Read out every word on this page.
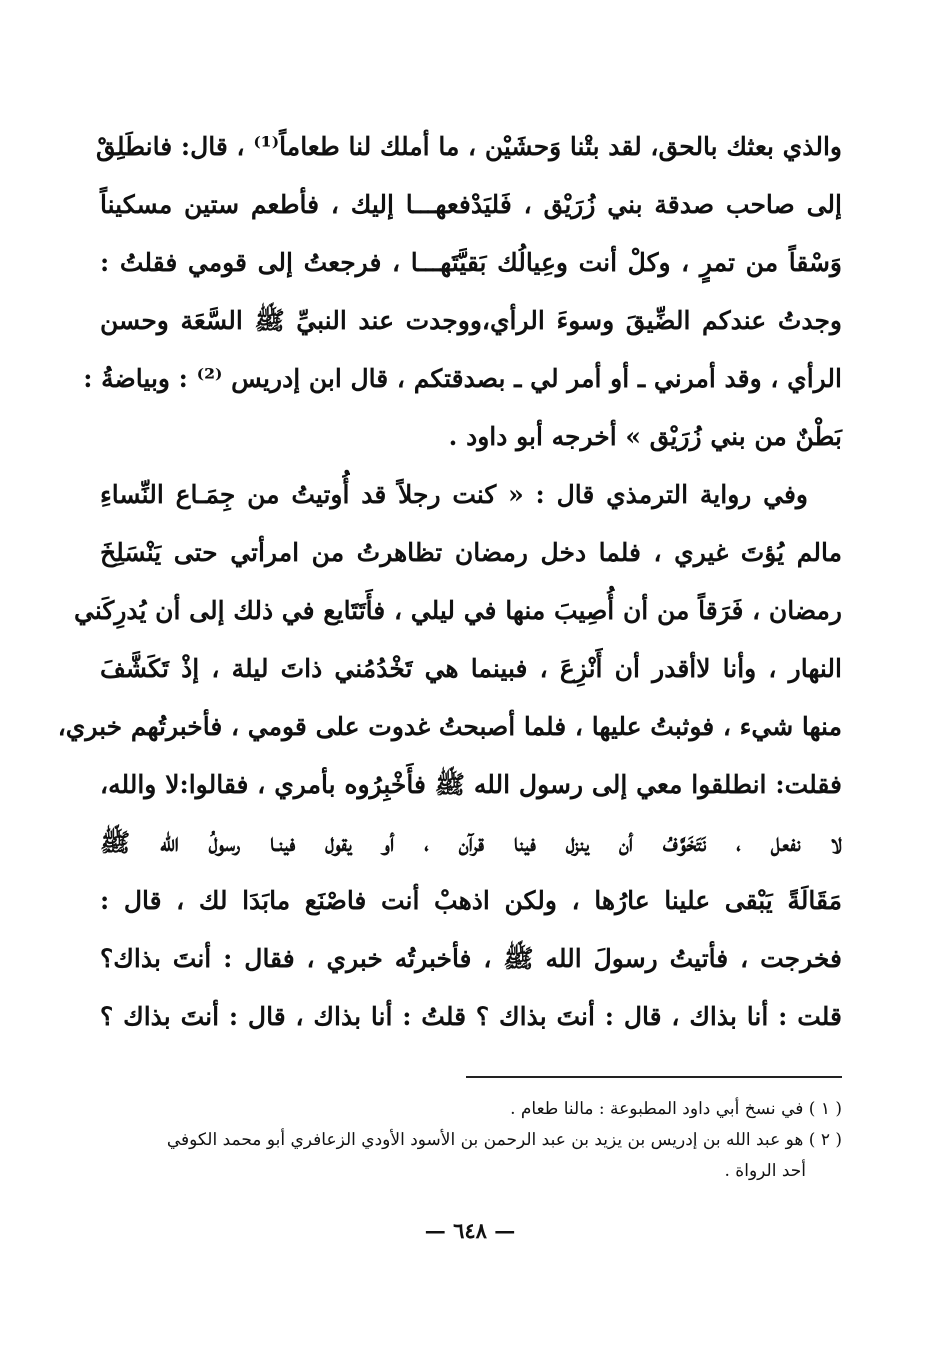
والذي بعثك بالحق، لقد بتْنا وَحشَيْن ، ما أملك لنا طعاماً⁽¹⁾ ، قال: فانطَلِقْ
إلى صاحب صدقة بني زُرَيْق ، فَليَدْفعهـــا إليك ، فأطعم ستين مسكيناً
وَسْقاً من تمرٍ ، وكلْ أنت وعِيالُك بَقيَّتَهـــا ، فرجعتُ إلى قومي فقلتُ :
وجدتُ عندكم الضِّيقَ وسوءَ الرأي،ووجدت عند النبيِّ ﷺ السَّعَة وحسن
الرأي ، وقد أمرني ـ أو أمر لي ـ بصدقتكم ، قال ابن إدريس ⁽²⁾ : وبياضةُ :
بَطْنٌ من بني زُرَيْق » أخرجه أبو داود .
وفي رواية الترمذي قال : « كنت رجلاً قد أُوتيتُ من جِمَـاع النِّساءِ
مالم يُؤتَ غيري ، فلما دخل رمضان تظاهرتُ من امرأتي حتى يَنْسَلِخَ
رمضان ، فَرَقاً من أن أُصِيبَ منها في ليلي ، فأَتَتَايع في ذلك إلى أن يُدرِكَني
النهار ، وأنا لاأقدر أن أَنْزِعَ ، فبينما هي تَخْدُمُني ذاتَ ليلة ، إذْ تَكَشَّفَ
منها شيء ، فوثبتُ عليها ، فلما أصبحتُ غدوت على قومي ، فأخبرتُهم خبري،
فقلت: انطلقوا معي إلى رسول الله ﷺ فأَخْبِرُوه بأمري ، فقالوا:لا والله،
لا نفعل ، نَتَخَوَّفُ أن ينزل فينا قرآن ، أو يقول فينـا رسولُ الله ﷺ
مَقَالَةً يَبْقى علينا عارُها ، ولكن اذهبْ أنت فاصْنَع مابَدَا لك ، قال :
فخرجت ، فأتيتُ رسولَ الله ﷺ ، فأخبرتُه خبري ، فقال : أنتَ بذاك؟
قلت : أنا بذاك ، قال : أنتَ بذاك ؟ قلتُ : أنا بذاك ، قال : أنتَ بذاك ؟
( ١ ) في نسخ أبي داود المطبوعة : مالنا طعام .
( ٢ ) هو عبد الله بن إدريس بن يزيد بن عبد الرحمن بن الأسود الأودي الزعافري أبو محمد الكوفي
أحد الرواة .
— ٦٤٨ —
